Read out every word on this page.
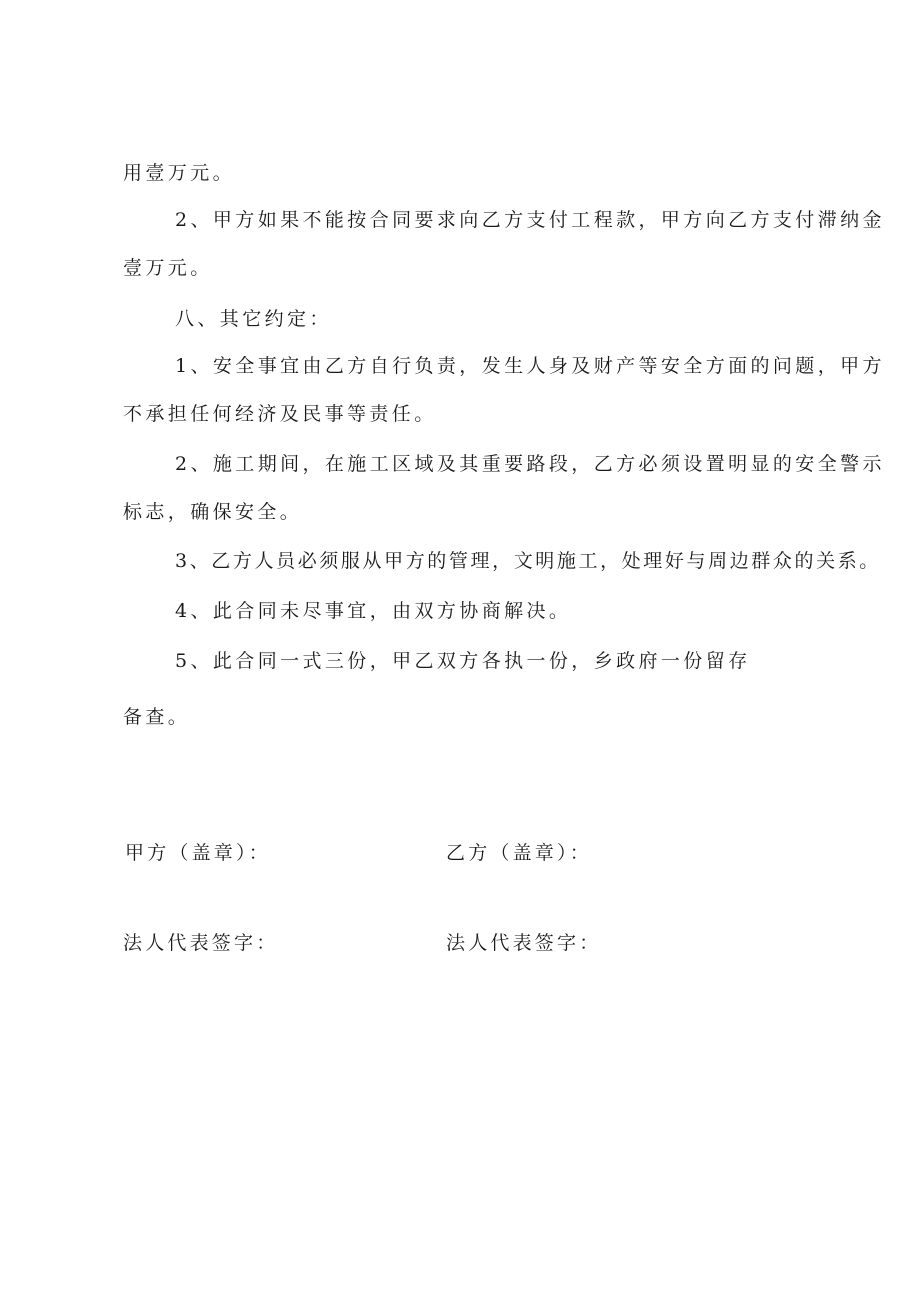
用壹万元。
2、甲方如果不能按合同要求向乙方支付工程款，甲方向乙方支付滞纳金
壹万元。
八、其它约定：
1、安全事宜由乙方自行负责，发生人身及财产等安全方面的问题，甲方
不承担任何经济及民事等责任。
2、施工期间，在施工区域及其重要路段，乙方必须设置明显的安全警示
标志，确保安全。
3、乙方人员必须服从甲方的管理，文明施工，处理好与周边群众的关系。
4、此合同未尽事宜，由双方协商解决。
5、此合同一式三份，甲乙双方各执一份，乡政府一份留存
备查。
甲方（盖章）：	乙方（盖章）：
法人代表签字：	法人代表签字：
